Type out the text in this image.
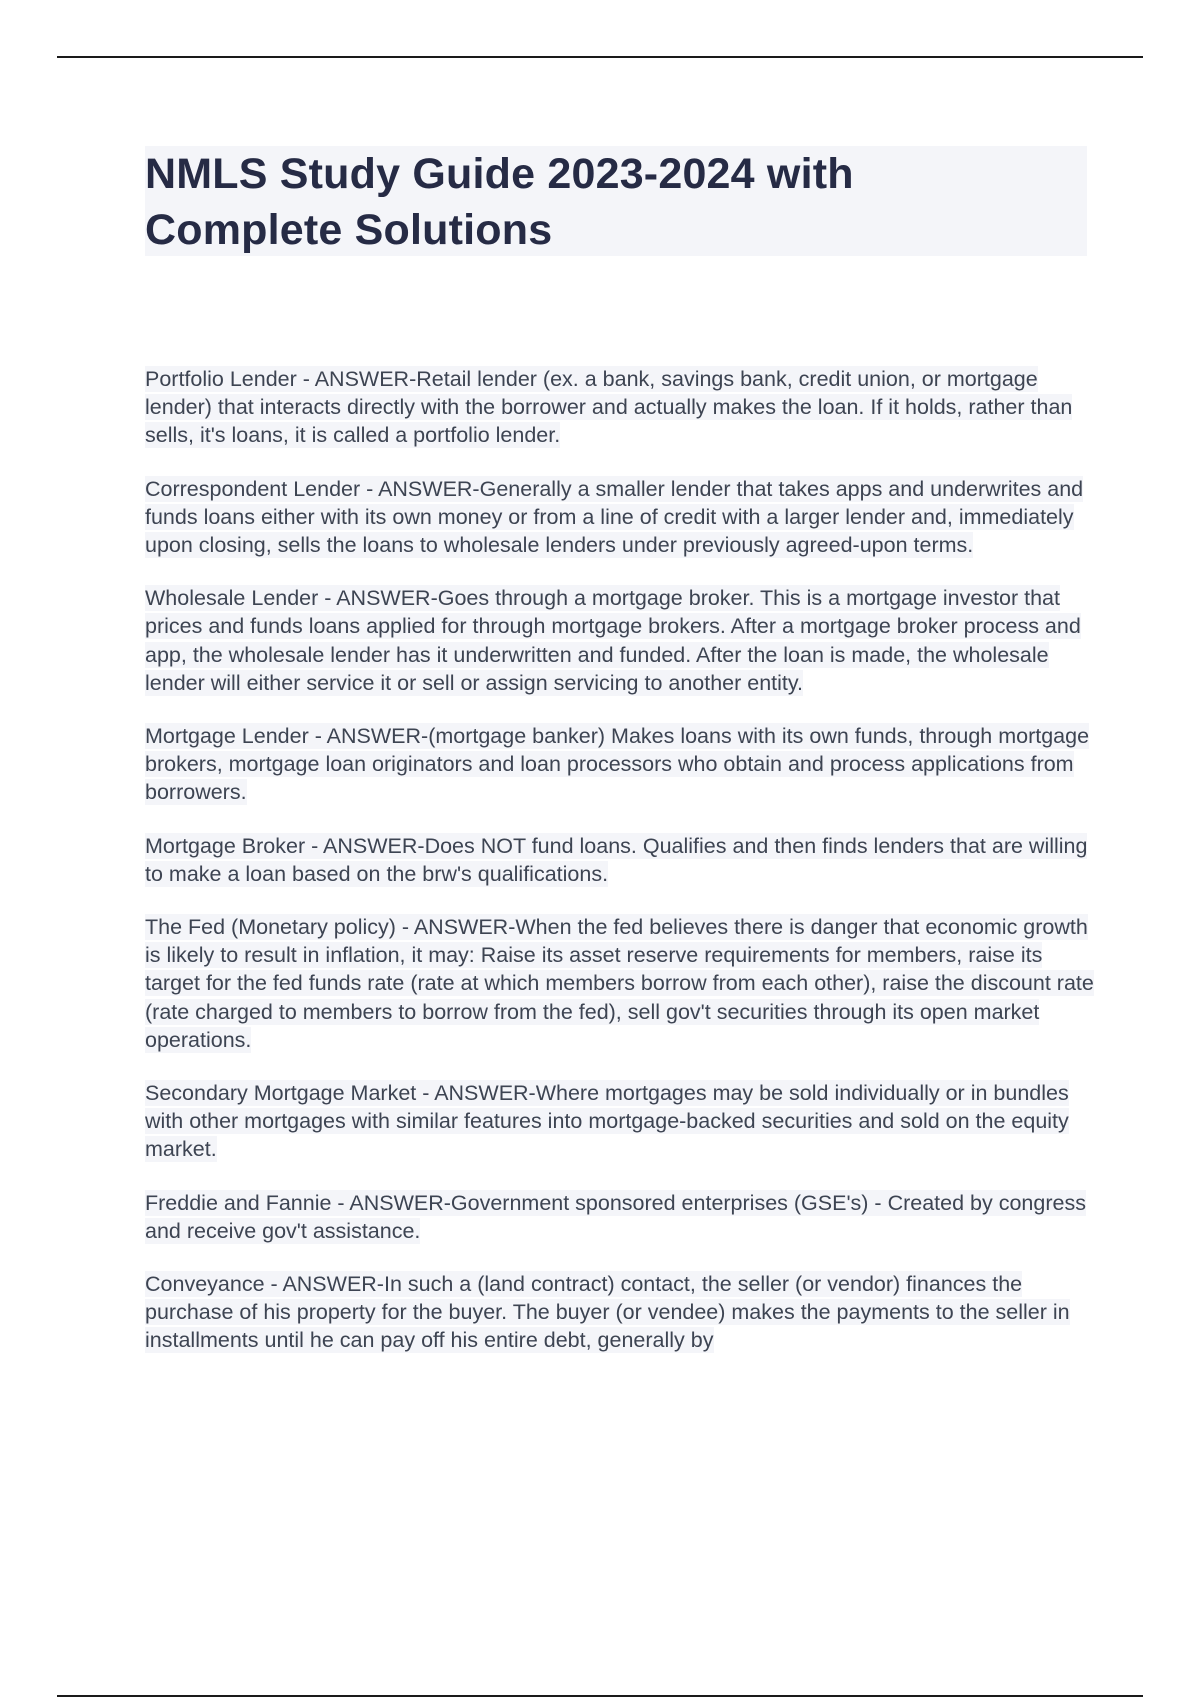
NMLS Study Guide 2023-2024 with
Complete Solutions

Portfolio Lender - ANSWER-Retail lender (ex. a bank, savings bank, credit union, or mortgage lender) that interacts directly with the borrower and actually makes the loan. If it holds, rather than sells, it's loans, it is called a portfolio lender.

Correspondent Lender - ANSWER-Generally a smaller lender that takes apps and underwrites and funds loans either with its own money or from a line of credit with a larger lender and, immediately upon closing, sells the loans to wholesale lenders under previously agreed-upon terms.

Wholesale Lender - ANSWER-Goes through a mortgage broker. This is a mortgage investor that prices and funds loans applied for through mortgage brokers. After a mortgage broker process and app, the wholesale lender has it underwritten and funded. After the loan is made, the wholesale lender will either service it or sell or assign servicing to another entity.

Mortgage Lender - ANSWER-(mortgage banker) Makes loans with its own funds, through mortgage brokers, mortgage loan originators and loan processors who obtain and process applications from borrowers.

Mortgage Broker - ANSWER-Does NOT fund loans. Qualifies and then finds lenders that are willing to make a loan based on the brw's qualifications.

The Fed (Monetary policy) - ANSWER-When the fed believes there is danger that economic growth is likely to result in inflation, it may: Raise its asset reserve requirements for members, raise its target for the fed funds rate (rate at which members borrow from each other), raise the discount rate (rate charged to members to borrow from the fed), sell gov't securities through its open market operations.

Secondary Mortgage Market - ANSWER-Where mortgages may be sold individually or in bundles with other mortgages with similar features into mortgage-backed securities and sold on the equity market.

Freddie and Fannie - ANSWER-Government sponsored enterprises (GSE's) - Created by congress and receive gov't assistance.

Conveyance - ANSWER-In such a (land contract) contact, the seller (or vendor) finances the purchase of his property for the buyer. The buyer (or vendee) makes the payments to the seller in installments until he can pay off his entire debt, generally by
